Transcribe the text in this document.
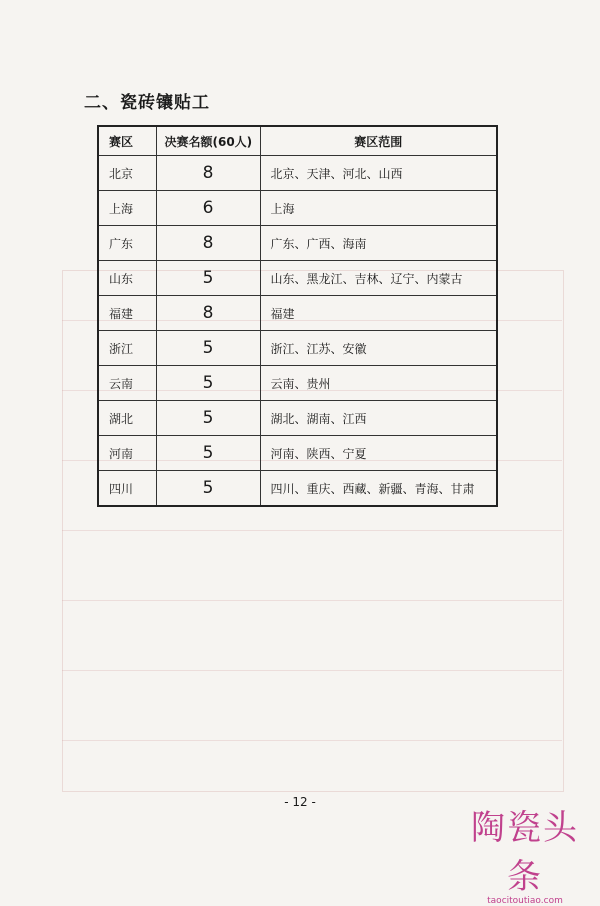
二、瓷砖镶贴工
赛区	决赛名额(60人)	赛区范围
北京	8	北京、天津、河北、山西
上海	6	上海
广东	8	广东、广西、海南
山东	5	山东、黑龙江、吉林、辽宁、内蒙古
福建	8	福建
浙江	5	浙江、江苏、安徽
云南	5	云南、贵州
湖北	5	湖北、湖南、江西
河南	5	河南、陕西、宁夏
四川	5	四川、重庆、西藏、新疆、青海、甘肃
- 12 -
陶瓷头条
taocitoutiao.com
